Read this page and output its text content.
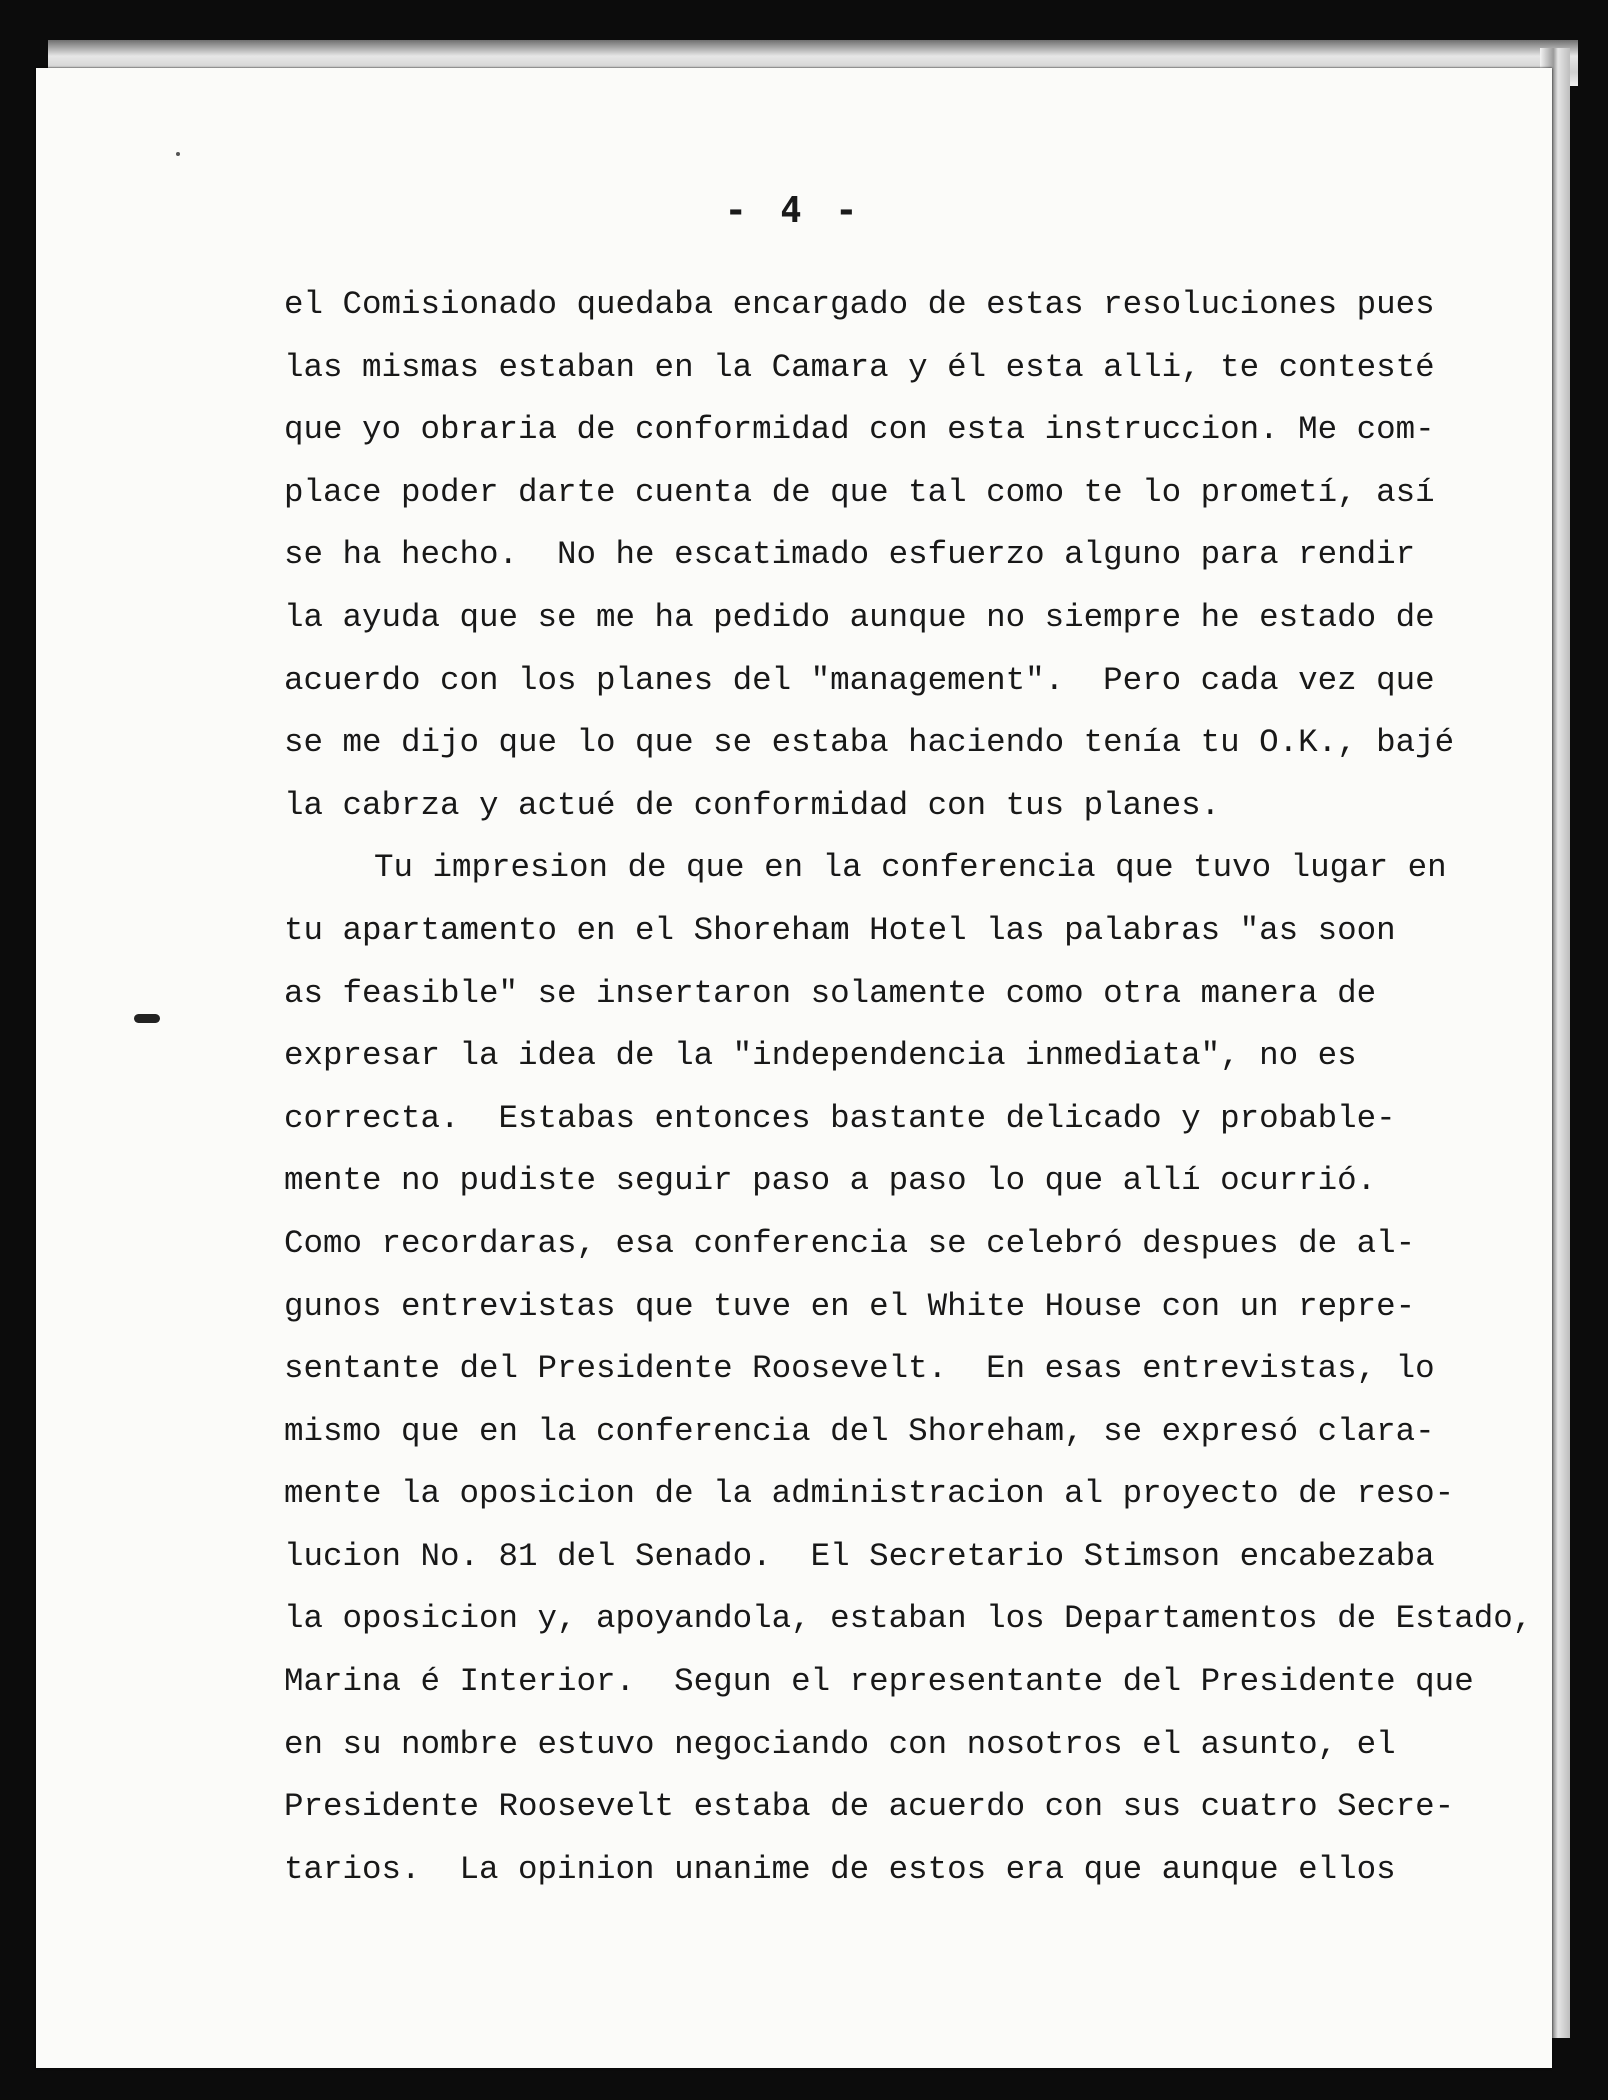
- 4 -
el Comisionado quedaba encargado de estas resoluciones pues
las mismas estaban en la Camara y él esta alli, te contesté
que yo obraria de conformidad con esta instruccion. Me com-
place poder darte cuenta de que tal como te lo prometí, así
se ha hecho.  No he escatimado esfuerzo alguno para rendir
la ayuda que se me ha pedido aunque no siempre he estado de
acuerdo con los planes del "management".  Pero cada vez que
se me dijo que lo que se estaba haciendo tenía tu O.K., bajé
la cabrza y actué de conformidad con tus planes.
Tu impresion de que en la conferencia que tuvo lugar en
tu apartamento en el Shoreham Hotel las palabras "as soon
as feasible" se insertaron solamente como otra manera de
expresar la idea de la "independencia inmediata", no es
correcta.  Estabas entonces bastante delicado y probable-
mente no pudiste seguir paso a paso lo que allí ocurrió.
Como recordaras, esa conferencia se celebró despues de al-
gunos entrevistas que tuve en el White House con un repre-
sentante del Presidente Roosevelt.  En esas entrevistas, lo
mismo que en la conferencia del Shoreham, se expresó clara-
mente la oposicion de la administracion al proyecto de reso-
lucion No. 81 del Senado.  El Secretario Stimson encabezaba
la oposicion y, apoyandola, estaban los Departamentos de Estado,
Marina é Interior.  Segun el representante del Presidente que
en su nombre estuvo negociando con nosotros el asunto, el
Presidente Roosevelt estaba de acuerdo con sus cuatro Secre-
tarios.  La opinion unanime de estos era que aunque ellos
